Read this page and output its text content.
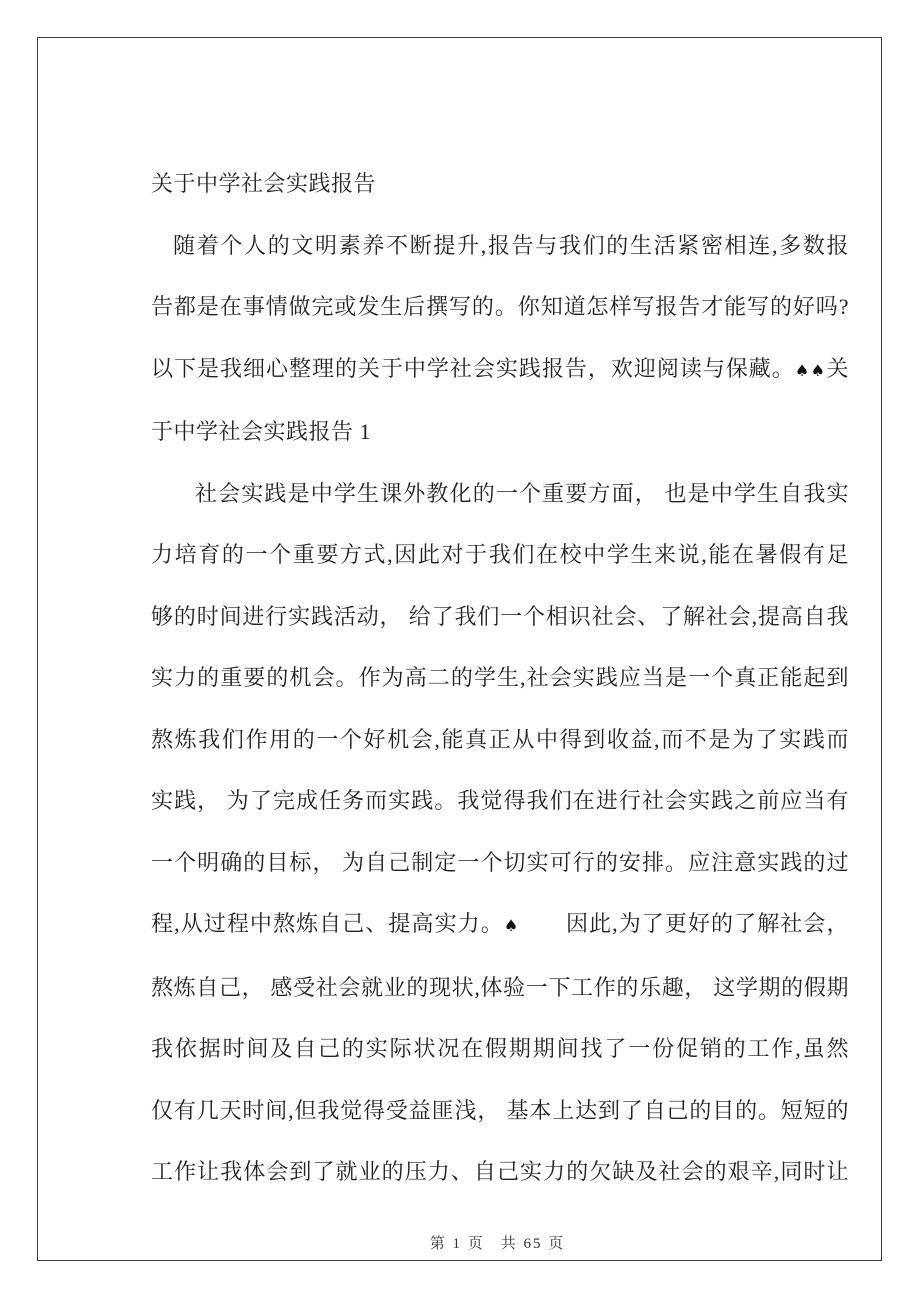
关于中学社会实践报告
随着个人的文明素养不断提升,报告与我们的生活紧密相连,多数报
告都是在事情做完或发生后撰写的。你知道怎样写报告才能写的好吗?
以下是我细心整理的关于中学社会实践报告，欢迎阅读与保藏。♠♠关
于中学社会实践报告 1
社会实践是中学生课外教化的一个重要方面， 也是中学生自我实
力培育的一个重要方式,因此对于我们在校中学生来说,能在暑假有足
够的时间进行实践活动， 给了我们一个相识社会、了解社会,提高自我
实力的重要的机会。作为高二的学生,社会实践应当是一个真正能起到
熬炼我们作用的一个好机会,能真正从中得到收益,而不是为了实践而
实践， 为了完成任务而实践。我觉得我们在进行社会实践之前应当有
一个明确的目标， 为自己制定一个切实可行的安排。应注意实践的过
程,从过程中熬炼自己、提高实力。♠　　因此,为了更好的了解社会，
熬炼自己， 感受社会就业的现状,体验一下工作的乐趣， 这学期的假期
我依据时间及自己的实际状况在假期期间找了一份促销的工作,虽然
仅有几天时间,但我觉得受益匪浅， 基本上达到了自己的目的。短短的
工作让我体会到了就业的压力、自己实力的欠缺及社会的艰辛,同时让
第 1 页 共 65 页
